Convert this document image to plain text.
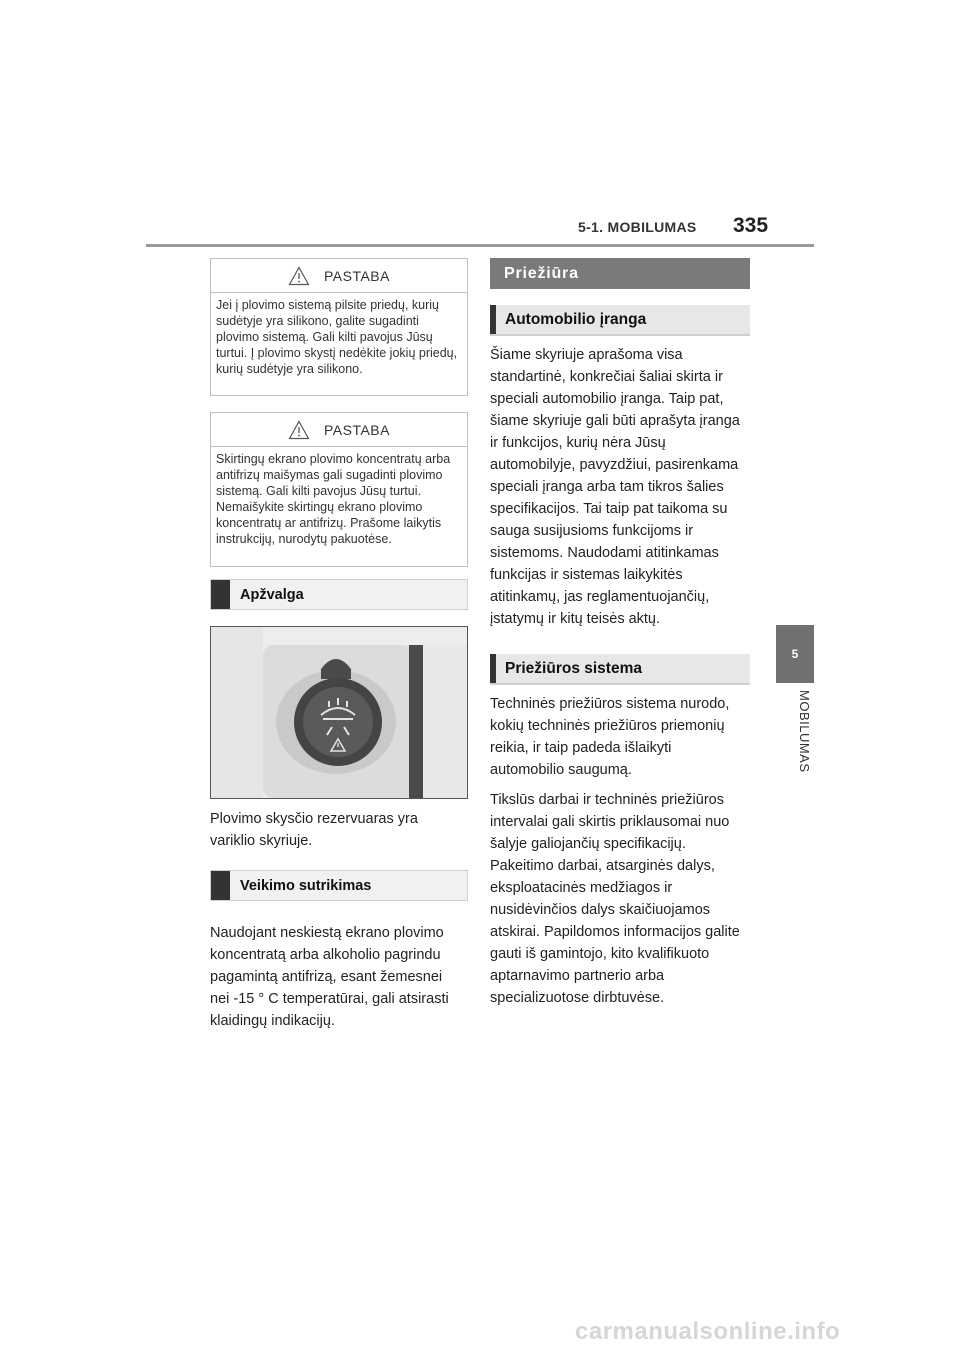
5-1. MOBILUMAS 335
5
MOBILUMAS
PASTABA
Jei į plovimo sistemą pilsite priedų, kurių sudėtyje yra silikono, galite sugadinti plovimo sistemą. Gali kilti pavojus Jūsų turtui. Į plovimo skystį nedėkite jokių priedų, kurių sudėtyje yra silikono.
PASTABA
Skirtingų ekrano plovimo koncentratų arba antifrizų maišymas gali sugadinti plovimo sistemą. Gali kilti pavojus Jūsų turtui. Nemaišykite skirtingų ekrano plovimo koncentratų ar antifrizų. Prašome laikytis instrukcijų, nurodytų pakuotėse.
Apžvalga
Plovimo skysčio rezervuaras yra variklio skyriuje.
Veikimo sutrikimas
Naudojant neskiestą ekrano plovimo koncentratą arba alkoholio pagrindu pagamintą antifrizą, esant žemesnei nei -15 ° C temperatūrai, gali atsirasti klaidingų indikacijų.
Priežiūra
Automobilio įranga
Šiame skyriuje aprašoma visa standartinė, konkrečiai šaliai skirta ir speciali automobilio įranga. Taip pat, šiame skyriuje gali būti aprašyta įranga ir funkcijos, kurių nėra Jūsų automobilyje, pavyzdžiui, pasirenkama speciali įranga arba tam tikros šalies specifikacijos. Tai taip pat taikoma su sauga susijusioms funkcijoms ir sistemoms. Naudodami atitinkamas funkcijas ir sistemas laikykitės atitinkamų, jas reglamentuojančių, įstatymų ir kitų teisės aktų.
Priežiūros sistema
Techninės priežiūros sistema nurodo, kokių techninės priežiūros priemonių reikia, ir taip padeda išlaikyti automobilio saugumą.
Tikslūs darbai ir techninės priežiūros intervalai gali skirtis priklausomai nuo šalyje galiojančių specifikacijų. Pakeitimo darbai, atsarginės dalys, eksploatacinės medžiagos ir nusidėvinčios dalys skaičiuojamos atskirai. Papildomos informacijos galite gauti iš gamintojo, kito kvalifikuoto aptarnavimo partnerio arba specializuotose dirbtuvėse.
carmanualsonline.info
